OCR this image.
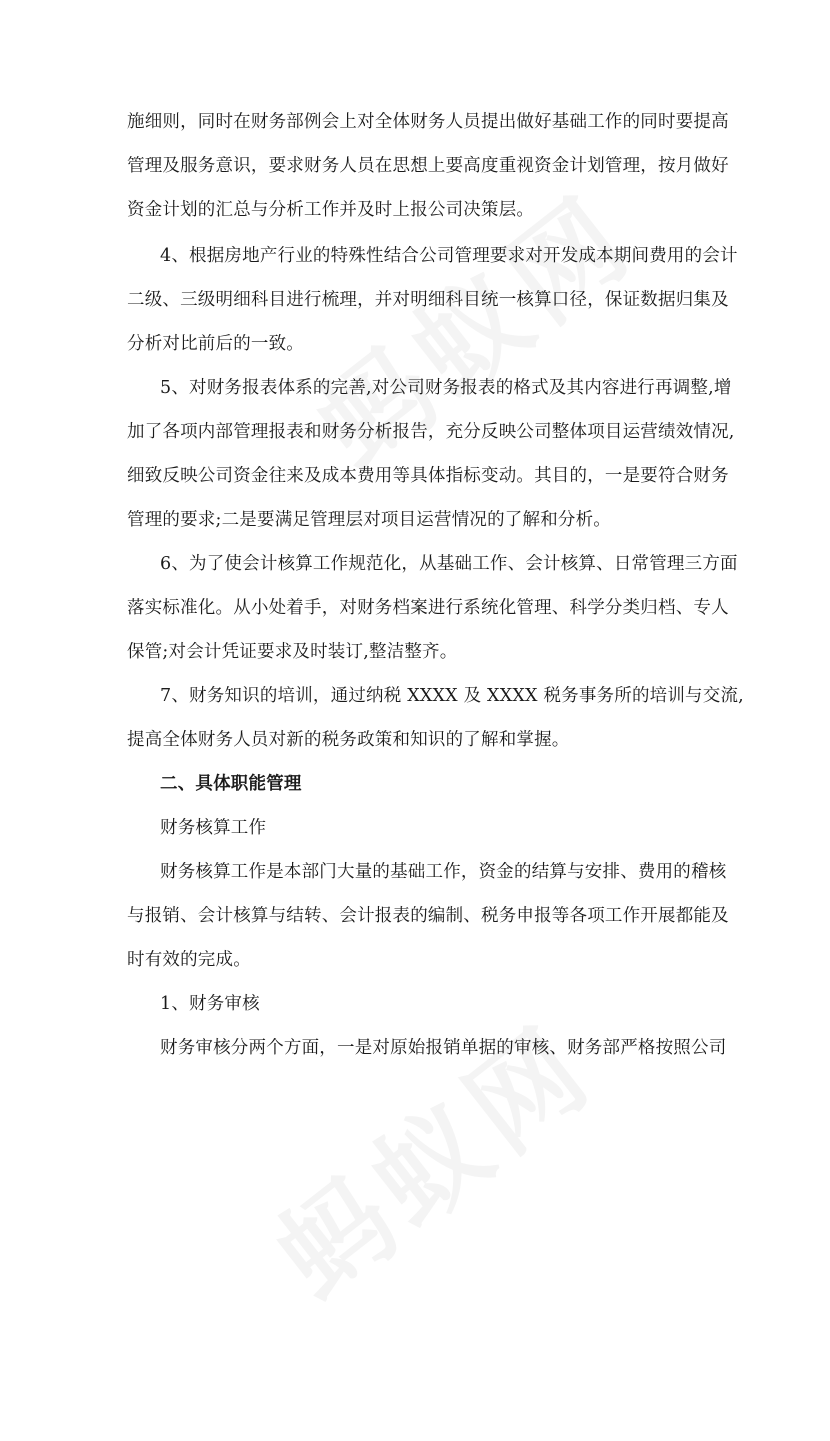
施细则，同时在财务部例会上对全体财务人员提出做好基础工作的同时要提高
管理及服务意识，要求财务人员在思想上要高度重视资金计划管理，按月做好
资金计划的汇总与分析工作并及时上报公司决策层。
4、根据房地产行业的特殊性结合公司管理要求对开发成本期间费用的会计
二级、三级明细科目进行梳理，并对明细科目统一核算口径，保证数据归集及
分析对比前后的一致。
5、对财务报表体系的完善,对公司财务报表的格式及其内容进行再调整,增
加了各项内部管理报表和财务分析报告，充分反映公司整体项目运营绩效情况,
细致反映公司资金往来及成本费用等具体指标变动。其目的，一是要符合财务
管理的要求;二是要满足管理层对项目运营情况的了解和分析。
6、为了使会计核算工作规范化，从基础工作、会计核算、日常管理三方面
落实标准化。从小处着手，对财务档案进行系统化管理、科学分类归档、专人
保管;对会计凭证要求及时装订,整洁整齐。
7、财务知识的培训，通过纳税 XXXX 及 XXXX 税务事务所的培训与交流,
提高全体财务人员对新的税务政策和知识的了解和掌握。
二、具体职能管理
财务核算工作
财务核算工作是本部门大量的基础工作，资金的结算与安排、费用的稽核
与报销、会计核算与结转、会计报表的编制、税务申报等各项工作开展都能及
时有效的完成。
1、财务审核
财务审核分两个方面，一是对原始报销单据的审核、财务部严格按照公司
